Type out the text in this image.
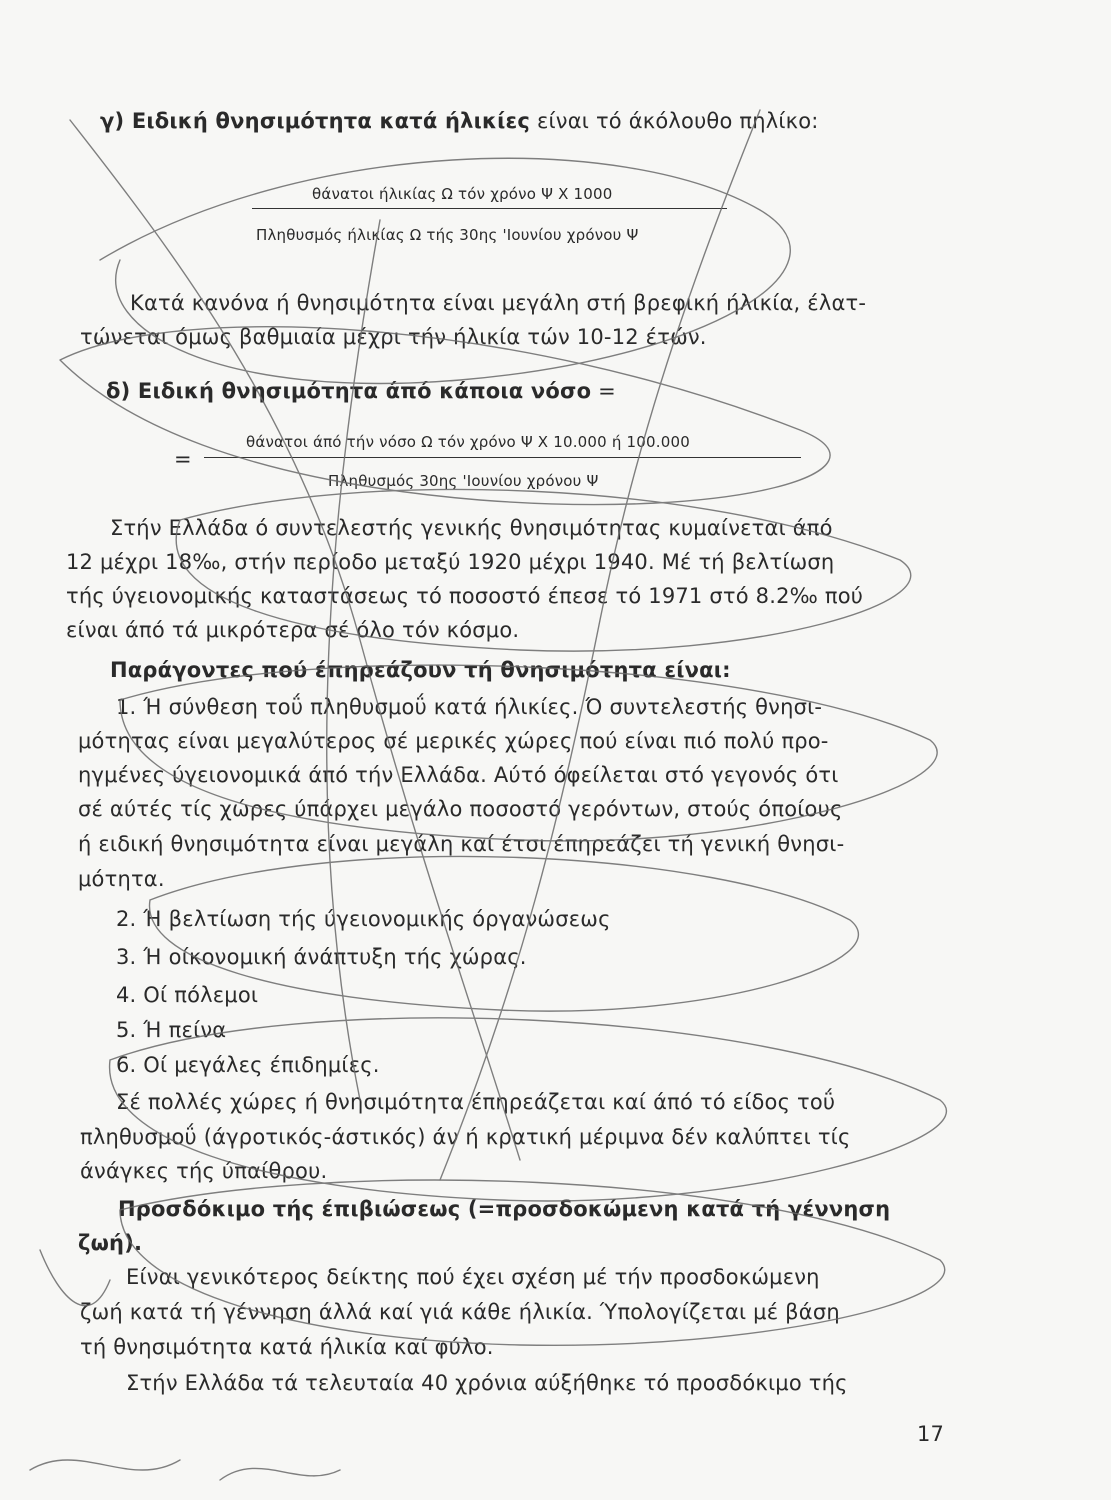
γ) Ειδική θνησιμότητα κατά ήλικίες είναι τό άκόλουθο πηλίκο:
θάνατοι ήλικίας Ω τόν χρόνο Ψ Χ 1000
Πληθυσμός ήλικίας Ω τής 30ης 'Ιουνίου χρόνου Ψ
Κατά κανόνα ή θνησιμότητα είναι μεγάλη στή βρεφική ήλικία, έλατ-
τώνεται όμως βαθμιαία μέχρι τήν ήλικία τών 10-12 έτών.
δ) Ειδική θνησιμότητα άπό κάποια νόσο =
θάνατοι άπό τήν νόσο Ω τόν χρόνο Ψ Χ 10.000 ή 100.000
=
Πληθυσμός 30ης 'Ιουνίου χρόνου Ψ
Στήν Ελλάδα ό συντελεστής γενικής θνησιμότητας κυμαίνεται άπό
12 μέχρι 18‰, στήν περίοδο μεταξύ 1920 μέχρι 1940. Μέ τή βελτίωση
τής ύγειονομικής καταστάσεως τό ποσοστό έπεσε τό 1971 στό 8.2‰ πού
είναι άπό τά μικρότερα σέ όλο τόν κόσμο.
Παράγοντες πού έπηρεάζουν τή θνησιμότητα είναι:
1. Ή σύνθεση τοΰ πληθυσμοΰ κατά ήλικίες. Ό συντελεστής θνησι-
μότητας είναι μεγαλύτερος σέ μερικές χώρες πού είναι πιό πολύ προ-
ηγμένες ύγειονομικά άπό τήν Ελλάδα. Αύτό όφείλεται στό γεγονός ότι
σέ αύτές τίς χώρες ύπάρχει μεγάλο ποσοστό γερόντων, στούς όποίους
ή ειδική θνησιμότητα είναι μεγάλη καί έτσι έπηρεάζει τή γενική θνησι-
μότητα.
2. Ή βελτίωση τής ύγειονομικής όργανώσεως
3. Ή οίκονομική άνάπτυξη τής χώρας.
4. Οί πόλεμοι
5. Ή πείνα
6. Οί μεγάλες έπιδημίες.
Σέ πολλές χώρες ή θνησιμότητα έπηρεάζεται καί άπό τό είδος τοΰ
πληθυσμοΰ (άγροτικός-άστικός) άν ή κρατική μέριμνα δέν καλύπτει τίς
άνάγκες τής ύπαίθρου.
Προσδόκιμο τής έπιβιώσεως (=προσδοκώμενη κατά τή γέννηση
ζωή).
Είναι γενικότερος δείκτης πού έχει σχέση μέ τήν προσδοκώμενη
ζωή κατά τή γέννηση άλλά καί γιά κάθε ήλικία. Ύπολογίζεται μέ βάση
τή θνησιμότητα κατά ήλικία καί φύλο.
Στήν Ελλάδα τά τελευταία 40 χρόνια αύξήθηκε τό προσδόκιμο τής
17
